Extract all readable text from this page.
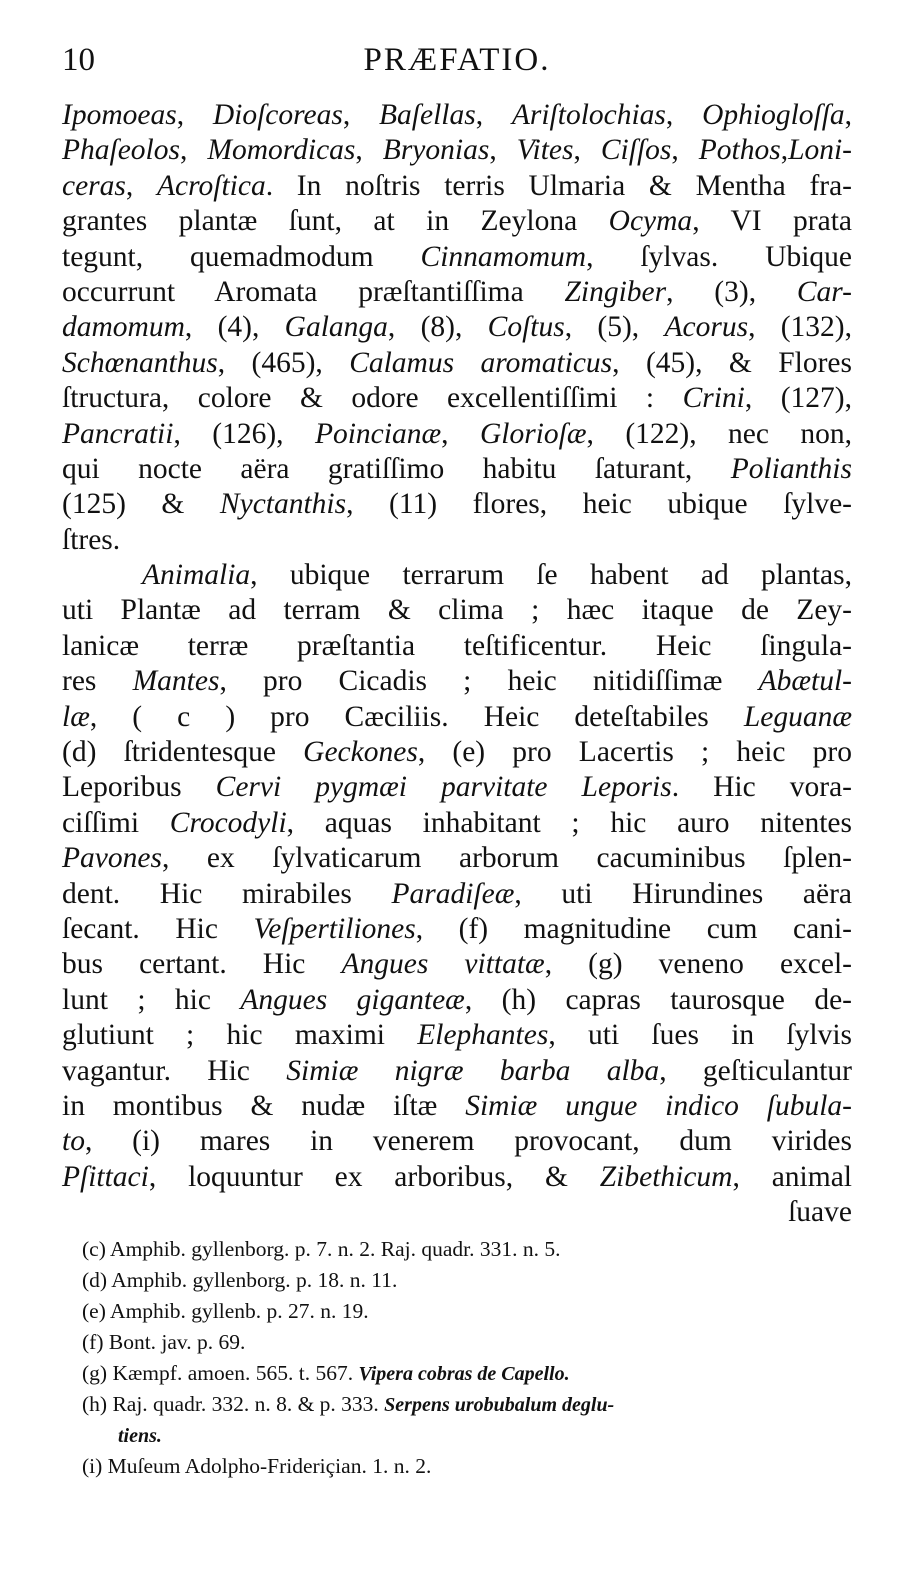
10	PRÆFATIO.
Ipomoeas, Dioſcoreas, Baſellas, Ariſtolochias, Ophiogloſſa,
Phaſeolos, Momordicas, Bryonias, Vites, Ciſſos, Pothos,Loni-
ceras, Acroſtica. In noſtris terris Ulmaria & Mentha fra-
grantes plantæ ſunt, at in Zeylona Ocyma, VI prata
tegunt, quemadmodum Cinnamomum, ſylvas. Ubique
occurrunt Aromata præſtantiſſima Zingiber, (3), Car-
damomum, (4), Galanga, (8), Coſtus, (5), Acorus, (132),
Schœnanthus, (465), Calamus aromaticus, (45), & Flores
ſtructura, colore & odore excellentiſſimi : Crini, (127),
Pancratii, (126), Poincianæ, Glorioſæ, (122), nec non,
qui nocte aëra gratiſſimo habitu ſaturant, Polianthis
(125) & Nyctanthis, (11) flores, heic ubique ſylve-
ſtres.
Animalia, ubique terrarum ſe habent ad plantas,
uti Plantæ ad terram & clima ; hæc itaque de Zey-
lanicæ terræ præſtantia teſtificentur. Heic ſingula-
res Mantes, pro Cicadis ; heic nitidiſſimæ Abætul-
læ, ( c ) pro Cæciliis. Heic deteſtabiles Leguanæ
(d) ſtridentesque Geckones, (e) pro Lacertis ; heic pro
Leporibus Cervi pygmæi parvitate Leporis. Hic vora-
ciſſimi Crocodyli, aquas inhabitant ; hic auro nitentes
Pavones, ex ſylvaticarum arborum cacuminibus ſplen-
dent. Hic mirabiles Paradiſeæ, uti Hirundines aëra
ſecant. Hic Veſpertiliones, (f) magnitudine cum cani-
bus certant. Hic Angues vittatæ, (g) veneno excel-
lunt ; hic Angues giganteæ, (h) capras taurosque de-
glutiunt ; hic maximi Elephantes, uti ſues in ſylvis
vagantur. Hic Simiæ nigræ barba alba, geſticulantur
in montibus & nudæ iſtæ Simiæ ungue indico ſubula-
to, (i) mares in venerem provocant, dum virides
Pſittaci, loquuntur ex arboribus, & Zibethicum, animal
ſuave
(c) Amphib. gyllenborg. p. 7. n. 2. Raj. quadr. 331. n. 5.
(d) Amphib. gyllenborg. p. 18. n. 11.
(e) Amphib. gyllenb. p. 27. n. 19.
(f) Bont. jav. p. 69.
(g) Kæmpf. amoen. 565. t. 567. Vipera cobras de Capello.
(h) Raj. quadr. 332. n. 8. & p. 333. Serpens urobubalum deglu-
tiens.
(i) Muſeum Adolpho-Frideriçian. 1. n. 2.
